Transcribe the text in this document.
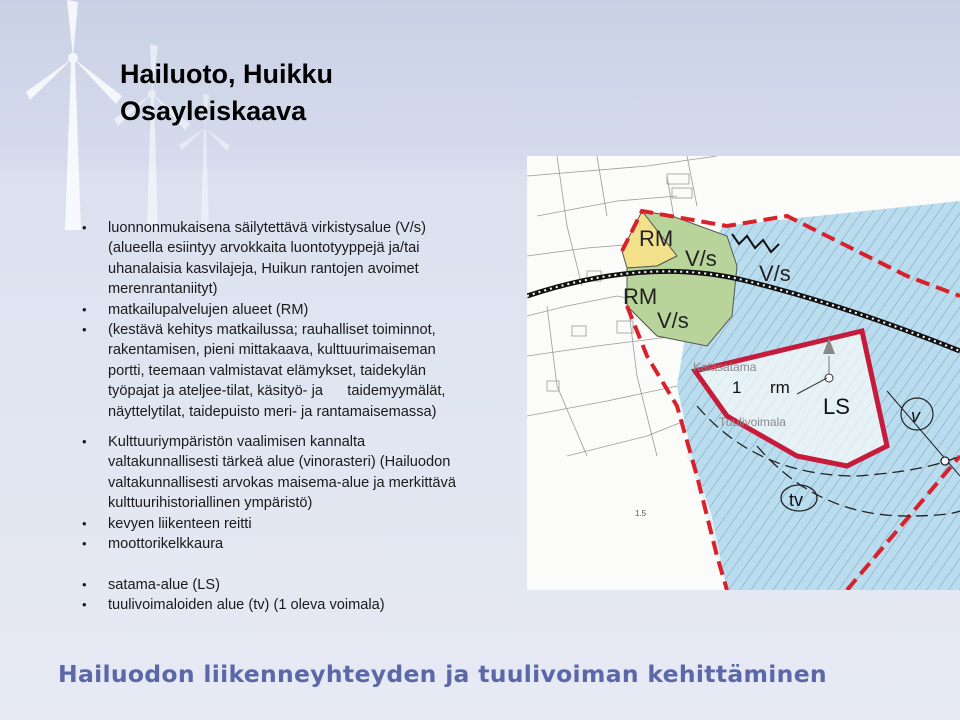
Hailuoto, Huikku
Osayleiskaava
• luonnonmukaisena säilytettävä virkistysalue (V/s)
(alueella esiintyy arvokkaita luontotyyppejä ja/tai
uhanalaisia kasvilajeja, Huikun rantojen avoimet
merenrantaniityt)
• matkailupalvelujen alueet (RM)
• (kestävä kehitys matkailussa; rauhalliset toiminnot,
rakentamisen, pieni mittakaava, kulttuurimaiseman
portti, teemaan valmistavat elämykset, taidekylän
työpajat ja ateljee-tilat, käsityö- ja      taidemyymälät,
näyttelytilat, taidepuisto meri- ja rantamaisemassa)
• Kulttuuriympäristön vaalimisen kannalta
valtakunnallisesti tärkeä alue (vinorasteri) (Hailuodon
valtakunnallisesti arvokas maisema-alue ja merkittävä
kulttuurihistoriallinen ympäristö)
• kevyen liikenteen reitti
• moottorikelkkaura
• satama-alue (LS)
• tuulivoimaloiden alue (tv) (1 oleva voimala)
RM
V/s
V/s
RM
V/s
Kalasatama
1 rm
LS
Tuulivoimala	v
tv
1.5

Hailuodon liikenneyhteyden ja tuulivoiman kehittäminen
